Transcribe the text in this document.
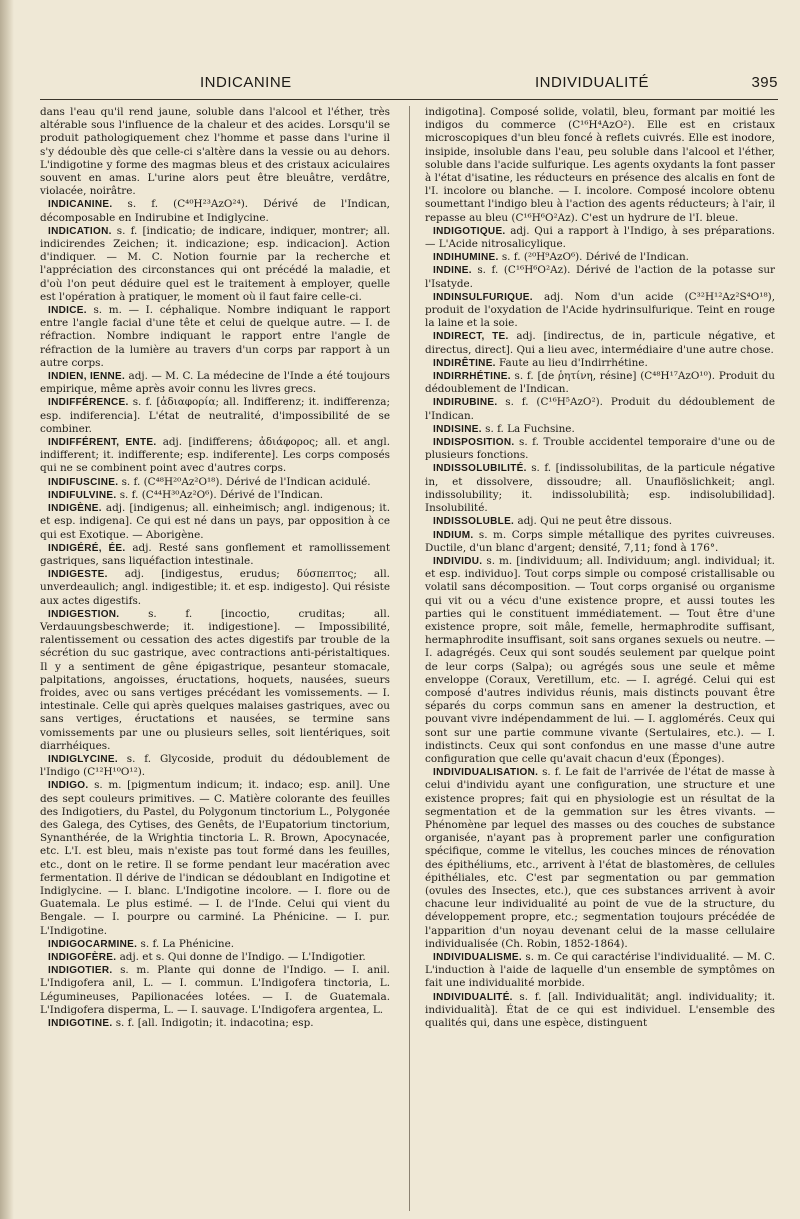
INDICANINE	INDIVIDUALITÉ	395

dans l'eau qu'il rend jaune, soluble dans l'alcool et l'éther, très altérable sous l'influence de la chaleur et des acides. Lorsqu'il se produit pathologiquement chez l'homme et passe dans l'urine il s'y dédouble dès que celle-ci s'altère dans la vessie ou au dehors. L'indigotine y forme des magmas bleus et des cristaux aciculaires souvent en amas. L'urine alors peut être bleuâtre, verdâtre, violacée, noirâtre.

INDICANINE. s. f. (C⁴⁰H²³AzO²⁴). Dérivé de l'Indican, décomposable en Indirubine et Indiglycine.

INDICATION. s. f. [indicatio; de indicare, indiquer, montrer; all. indicirendes Zeichen; it. indicazione; esp. indicacion]. Action d'indiquer. — M. C. Notion fournie par la recherche et l'appréciation des circonstances qui ont précédé la maladie, et d'où l'on peut déduire quel est le traitement à employer, quelle est l'opération à pratiquer, le moment où il faut faire celle-ci.

INDICE. s. m. — I. céphalique. Nombre indiquant le rapport entre l'angle facial d'une tête et celui de quelque autre. — I. de réfraction. Nombre indiquant le rapport entre l'angle de réfraction de la lumière au travers d'un corps par rapport à un autre corps.

INDIEN, IENNE. adj. — M. C. La médecine de l'Inde a été toujours empirique, même après avoir connu les livres grecs.

INDIFFÉRENCE. s. f. [ἀδιαφορία; all. Indifferenz; it. indifferenza; esp. indiferencia]. L'état de neutralité, d'impossibilité de se combiner.

INDIFFÉRENT, ENTE. adj. [indifferens; ἀδιάφορος; all. et angl. indifferent; it. indifferente; esp. indiferente]. Les corps composés qui ne se combinent point avec d'autres corps.

INDIFUSCINE. s. f. (C⁴⁸H²⁰Az²O¹⁸). Dérivé de l'Indican acidulé.

INDIFULVINE. s. f. (C⁴⁴H³⁰Az²O⁶). Dérivé de l'Indican.

INDIGÈNE. adj. [indigenus; all. einheimisch; angl. indigenous; it. et esp. indigena]. Ce qui est né dans un pays, par opposition à ce qui est Exotique. — Aborigène.

INDIGÉRÉ, ÉE. adj. Resté sans gonflement et ramollissement gastriques, sans liquéfaction intestinale.

INDIGESTE. adj. [indigestus, erudus; δύσπεπτος; all. unverdeaulich; angl. indigestible; it. et esp. indigesto]. Qui résiste aux actes digestifs.

INDIGESTION. s. f. [incoctio, cruditas; all. Verdauungsbeschwerde; it. indigestione]. — Impossibilité, ralentissement ou cessation des actes digestifs par trouble de la sécrétion du suc gastrique, avec contractions anti-péristaltiques. Il y a sentiment de gêne épigastrique, pesanteur stomacale, palpitations, angoisses, éructations, hoquets, nausées, sueurs froides, avec ou sans vertiges précédant les vomissements. — I. intestinale. Celle qui après quelques malaises gastriques, avec ou sans vertiges, éructations et nausées, se termine sans vomissements par une ou plusieurs selles, soit lientériques, soit diarrhéiques.

INDIGLYCINE. s. f. Glycoside, produit du dédoublement de l'Indigo (C¹²H¹⁰O¹²).

INDIGO. s. m. [pigmentum indicum; it. indaco; esp. anil]. Une des sept couleurs primitives. — C. Matière colorante des feuilles des Indigotiers, du Pastel, du Polygonum tinctorium L., Polygonée des Galega, des Cytises, des Genêts, de l'Eupatorium tinctorium, Synanthérée, de la Wrightia tinctoria L. R. Brown, Apocynacée, etc. L'I. est bleu, mais n'existe pas tout formé dans les feuilles, etc., dont on le retire. Il se forme pendant leur macération avec fermentation. Il dérive de l'indican se dédoublant en Indigotine et Indiglycine. — I. blanc. L'Indigotine incolore. — I. flore ou de Guatemala. Le plus estimé. — I. de l'Inde. Celui qui vient du Bengale. — I. pourpre ou carminé. La Phénicine. — I. pur. L'Indigotine.

INDIGOCARMINE. s. f. La Phénicine.

INDIGOFÈRE. adj. et s. Qui donne de l'Indigo. — L'Indigotier.

INDIGOTIER. s. m. Plante qui donne de l'Indigo. — I. anil. L'Indigofera anil, L. — I. commun. L'Indigofera tinctoria, L. Légumineuses, Papilionacées lotées. — I. de Guatemala. L'Indigofera disperma, L. — I. sauvage. L'Indigofera argentea, L.

INDIGOTINE. s. f. [all. Indigotin; it. indacotina; esp.

indigotina]. Composé solide, volatil, bleu, formant par moitié les indigos du commerce (C¹⁶H⁴AzO²). Elle est en cristaux microscopiques d'un bleu foncé à reflets cuivrés. Elle est inodore, insipide, insoluble dans l'eau, peu soluble dans l'alcool et l'éther, soluble dans l'acide sulfurique. Les agents oxydants la font passer à l'état d'isatine, les réducteurs en présence des alcalis en font de l'I. incolore ou blanche. — I. incolore. Composé incolore obtenu soumettant l'indigo bleu à l'action des agents réducteurs; à l'air, il repasse au bleu (C¹⁶H⁶O²Az). C'est un hydrure de l'I. bleue.

INDIGOTIQUE. adj. Qui a rapport à l'Indigo, à ses préparations. — L'Acide nitrosalicylique.

INDIHUMINE. s. f. (²⁰H⁹AzO⁶). Dérivé de l'Indican.

INDINE. s. f. (C¹⁶H⁶O²Az). Dérivé de l'action de la potasse sur l'Isatyde.

INDINSULFURIQUE. adj. Nom d'un acide (C³²H¹²Az²S⁴O¹⁸), produit de l'oxydation de l'Acide hydrinsulfurique. Teint en rouge la laine et la soie.

INDIRECT, TE. adj. [indirectus, de in, particule négative, et directus, direct]. Qui a lieu avec, intermédiaire d'une autre chose.

INDIRÊTINE. Faute au lieu d'Indirrhétine.

INDIRRHÉTINE. s. f. [de ῥητίνη, résine] (C⁴⁸H¹⁷AzO¹⁰). Produit du dédoublement de l'Indican.

INDIRUBINE. s. f. (C¹⁶H⁵AzO²). Produit du dédoublement de l'Indican.

INDISINE. s. f. La Fuchsine.

INDISPOSITION. s. f. Trouble accidentel temporaire d'une ou de plusieurs fonctions.

INDISSOLUBILITÉ. s. f. [indissolubilitas, de la particule négative in, et dissolvere, dissoudre; all. Unauflöslichkeit; angl. indissolubility; it. indissolubilità; esp. indisolubilidad]. Insolubilité.

INDISSOLUBLE. adj. Qui ne peut être dissous.

INDIUM. s. m. Corps simple métallique des pyrites cuivreuses. Ductile, d'un blanc d'argent; densité, 7,11; fond à 176°.

INDIVIDU. s. m. [individuum; all. Individuum; angl. individual; it. et esp. individuo]. Tout corps simple ou composé cristallisable ou volatil sans décomposition. — Tout corps organisé ou organisme qui vit ou a vécu d'une existence propre, et aussi toutes les parties qui le constituent immédiatement. — Tout être d'une existence propre, soit mâle, femelle, hermaphrodite suffisant, hermaphrodite insuffisant, soit sans organes sexuels ou neutre. — I. adagrégés. Ceux qui sont soudés seulement par quelque point de leur corps (Salpa); ou agrégés sous une seule et même enveloppe (Coraux, Veretillum, etc. — I. agrégé. Celui qui est composé d'autres individus réunis, mais distincts pouvant être séparés du corps commun sans en amener la destruction, et pouvant vivre indépendamment de lui. — I. agglomérés. Ceux qui sont sur une partie commune vivante (Sertulaires, etc.). — I. indistincts. Ceux qui sont confondus en une masse d'une autre configuration que celle qu'avait chacun d'eux (Éponges).

INDIVIDUALISATION. s. f. Le fait de l'arrivée de l'état de masse à celui d'individu ayant une configuration, une structure et une existence propres; fait qui en physiologie est un résultat de la segmentation et de la gemmation sur les êtres vivants. — Phénomène par lequel des masses ou des couches de substance organisée, n'ayant pas à proprement parler une configuration spécifique, comme le vitellus, les couches minces de rénovation des épithéliums, etc., arrivent à l'état de blastomères, de cellules épithéliales, etc. C'est par segmentation ou par gemmation (ovules des Insectes, etc.), que ces substances arrivent à avoir chacune leur individualité au point de vue de la structure, du développement propre, etc.; segmentation toujours précédée de l'apparition d'un noyau devenant celui de la masse cellulaire individualisée (Ch. Robin, 1852-1864).

INDIVIDUALISME. s. m. Ce qui caractérise l'individualité. — M. C. L'induction à l'aide de laquelle d'un ensemble de symptômes on fait une individualité morbide.

INDIVIDUALITÉ. s. f. [all. Individualität; angl. individuality; it. individualità]. État de ce qui est individuel. L'ensemble des qualités qui, dans une espèce, distinguent
